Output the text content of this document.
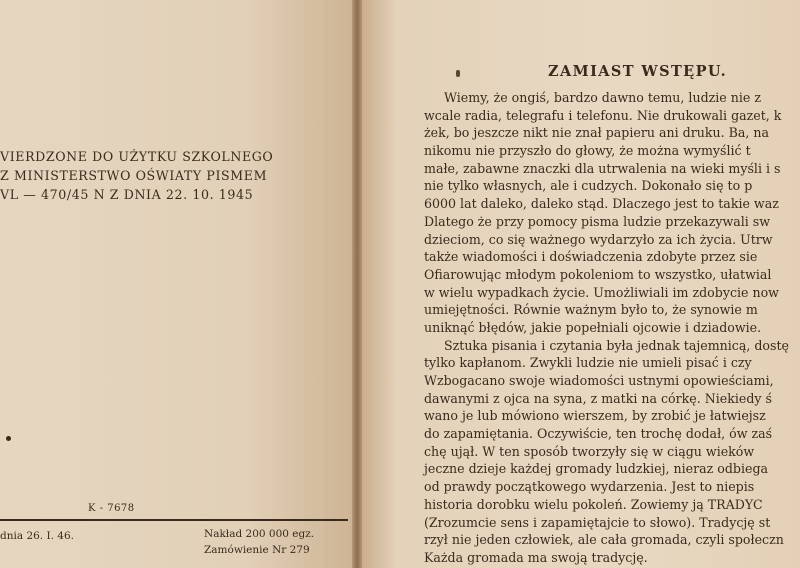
VIERDZONE DO UŻYTKU SZKOLNEGO
Z MINISTERSTWO OŚWIATY PISMEM
VL — 470/45 N Z DNIA 22. 10. 1945
K - 7678
dnia 26. I. 46.	Nakład 200 000 egz.
Zamówienie Nr 279
ZAMIAST WSTĘPU.
Wiemy, że ongiś, bardzo dawno temu, ludzie nie z
wcale radia, telegrafu i telefonu. Nie drukowali gazet, k
żek, bo jeszcze nikt nie znał papieru ani druku. Ba, na
nikomu nie przyszło do głowy, że można wymyślić t
małe, zabawne znaczki dla utrwalenia na wieki myśli i s
nie tylko własnych, ale i cudzych. Dokonało się to p
6000 lat dalekо, daleko stąd. Dlaczego jest to takie waz
Dlatego że przy pomocy pisma ludzie przekazywali sw
dzieciom, co się ważnego wydarzyło za ich życia. Utrw
także wiadomości i doświadczenia zdobyte przez sie
Ofiarowując młodym pokoleniom to wszystko, ułatwial
w wielu wypadkach życie. Umożliwiali im zdobycie now
umiejętności. Równie ważnym było to, że synowie m
uniknąć błędów, jakie popełniali ojcowie i dziadowie.
Sztuka pisania i czytania była jednak tajemnicą, dostę
tylko kapłanom. Zwykli ludzie nie umieli pisać i czy
Wzbogacano swoje wiadomości ustnymi opowieściami,
dawanymi z ojca na syna, z matki na córkę. Niekiedy ś
wano je lub mówiono wierszem, by zrobić je łatwiejsz
do zapamiętania. Oczywiście, ten trochę dodał, ów zaś
chę ujął. W ten sposób tworzyły się w ciągu wieków
jeczne dzieje każdej gromady ludzkiej, nieraz odbiega
od prawdy początkowego wydarzenia. Jest to niepis
historia dorobku wielu pokoleń. Zowiemy ją TRADYC
(Zrozumcie sens i zapamiętajcie to słowo). Tradycję st
rzył nie jeden człowiek, ale cała gromada, czyli społeczn
Każda gromada ma swoją tradycję.
